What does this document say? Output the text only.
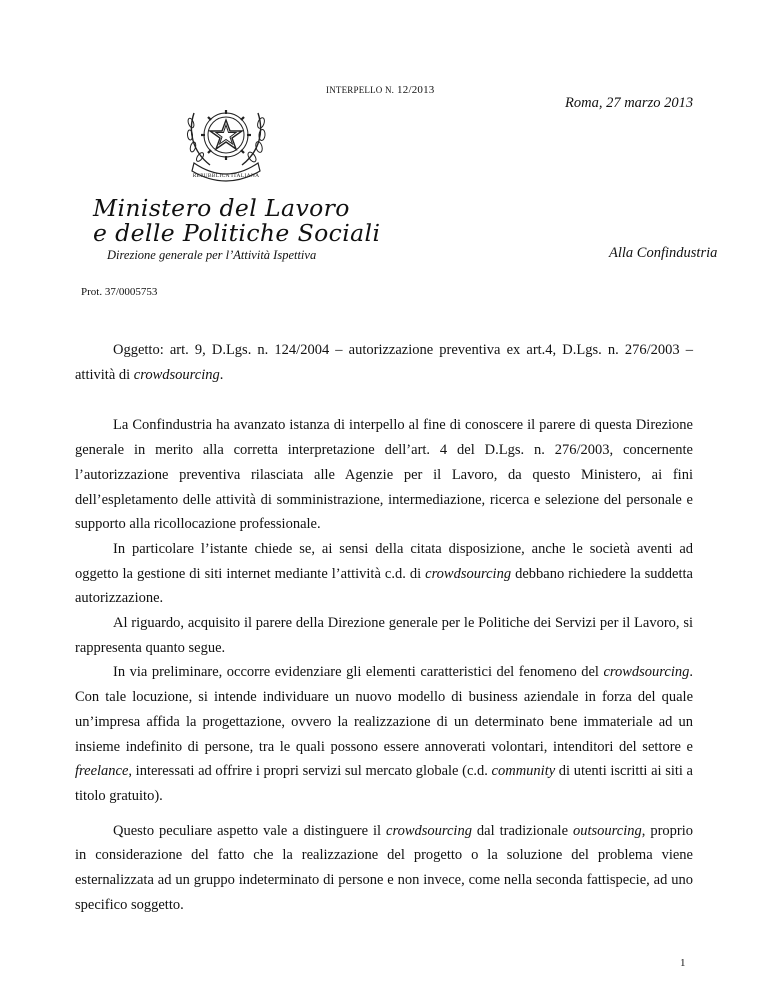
INTERPELLO N. 12/2013
Roma, 27 marzo 2013
REPUBBLICA ITALIANA
Ministero del Lavoro
e delle Politiche Sociali
Direzione generale per l’Attività Ispettiva	Alla Confindustria
Prot. 37/0005753

Oggetto: art. 9, D.Lgs. n. 124/2004 – autorizzazione preventiva ex art.4, D.Lgs. n. 276/2003 – attività di crowdsourcing.

La Confindustria ha avanzato istanza di interpello al fine di conoscere il parere di questa Direzione generale in merito alla corretta interpretazione dell’art. 4 del D.Lgs. n. 276/2003, concernente l’autorizzazione preventiva rilasciata alle Agenzie per il Lavoro, da questo Ministero, ai fini dell’espletamento delle attività di somministrazione, intermediazione, ricerca e selezione del personale e supporto alla ricollocazione professionale.

In particolare l’istante chiede se, ai sensi della citata disposizione, anche le società aventi ad oggetto la gestione di siti internet mediante l’attività c.d. di crowdsourcing debbano richiedere la suddetta autorizzazione.

Al riguardo, acquisito il parere della Direzione generale per le Politiche dei Servizi per il Lavoro, si rappresenta quanto segue.

In via preliminare, occorre evidenziare gli elementi caratteristici del fenomeno del crowdsourcing. Con tale locuzione, si intende individuare un nuovo modello di business aziendale in forza del quale un’impresa affida la progettazione, ovvero la realizzazione di un determinato bene immateriale ad un insieme indefinito di persone, tra le quali possono essere annoverati volontari, intenditori del settore e freelance, interessati ad offrire i propri servizi sul mercato globale (c.d. community di utenti iscritti ai siti a titolo gratuito).

Questo peculiare aspetto vale a distinguere il crowdsourcing dal tradizionale outsourcing, proprio in considerazione del fatto che la realizzazione del progetto o la soluzione del problema viene esternalizzata ad un gruppo indeterminato di persone e non invece, come nella seconda fattispecie, ad uno specifico soggetto.

1
